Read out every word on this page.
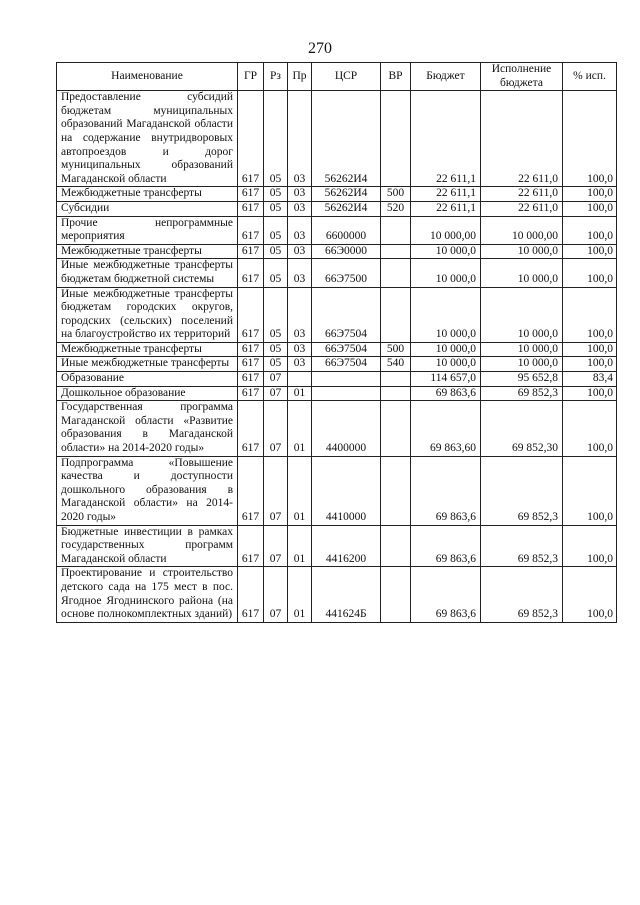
270
Наименование	ГР	Рз	Пр	ЦСР	ВР	Бюджет	Исполнение бюджета	% исп.
Предоставление субсидий бюджетам муниципальных образований Магаданской области на содержание внутридворовых автопроездов и дорог муниципальных образований Магаданской области	617	05	03	56262И4		22 611,1	22 611,0	100,0
Межбюджетные трансферты	617	05	03	56262И4	500	22 611,1	22 611,0	100,0
Субсидии	617	05	03	56262И4	520	22 611,1	22 611,0	100,0
Прочие непрограммные мероприятия	617	05	03	6600000		10 000,00	10 000,00	100,0
Межбюджетные трансферты	617	05	03	66Э0000		10 000,0	10 000,0	100,0
Иные межбюджетные трансферты бюджетам бюджетной системы	617	05	03	66Э7500		10 000,0	10 000,0	100,0
Иные межбюджетные трансферты бюджетам городских округов, городских (сельских) поселений на благоустройство их территорий	617	05	03	66Э7504		10 000,0	10 000,0	100,0
Межбюджетные трансферты	617	05	03	66Э7504	500	10 000,0	10 000,0	100,0
Иные межбюджетные трансферты	617	05	03	66Э7504	540	10 000,0	10 000,0	100,0
Образование	617	07				114 657,0	95 652,8	83,4
Дошкольное образование	617	07	01			69 863,6	69 852,3	100,0
Государственная программа Магаданской области «Развитие образования в Магаданской области» на 2014-2020 годы»	617	07	01	4400000		69 863,60	69 852,30	100,0
Подпрограмма «Повышение качества и доступности дошкольного образования в Магаданской области» на 2014-2020 годы»	617	07	01	4410000		69 863,6	69 852,3	100,0
Бюджетные инвестиции в рамках государственных программ Магаданской области	617	07	01	4416200		69 863,6	69 852,3	100,0
Проектирование и строительство детского сада на 175 мест в пос. Ягодное Ягоднинского района (на основе полнокомплектных зданий)	617	07	01	441624Б		69 863,6	69 852,3	100,0
